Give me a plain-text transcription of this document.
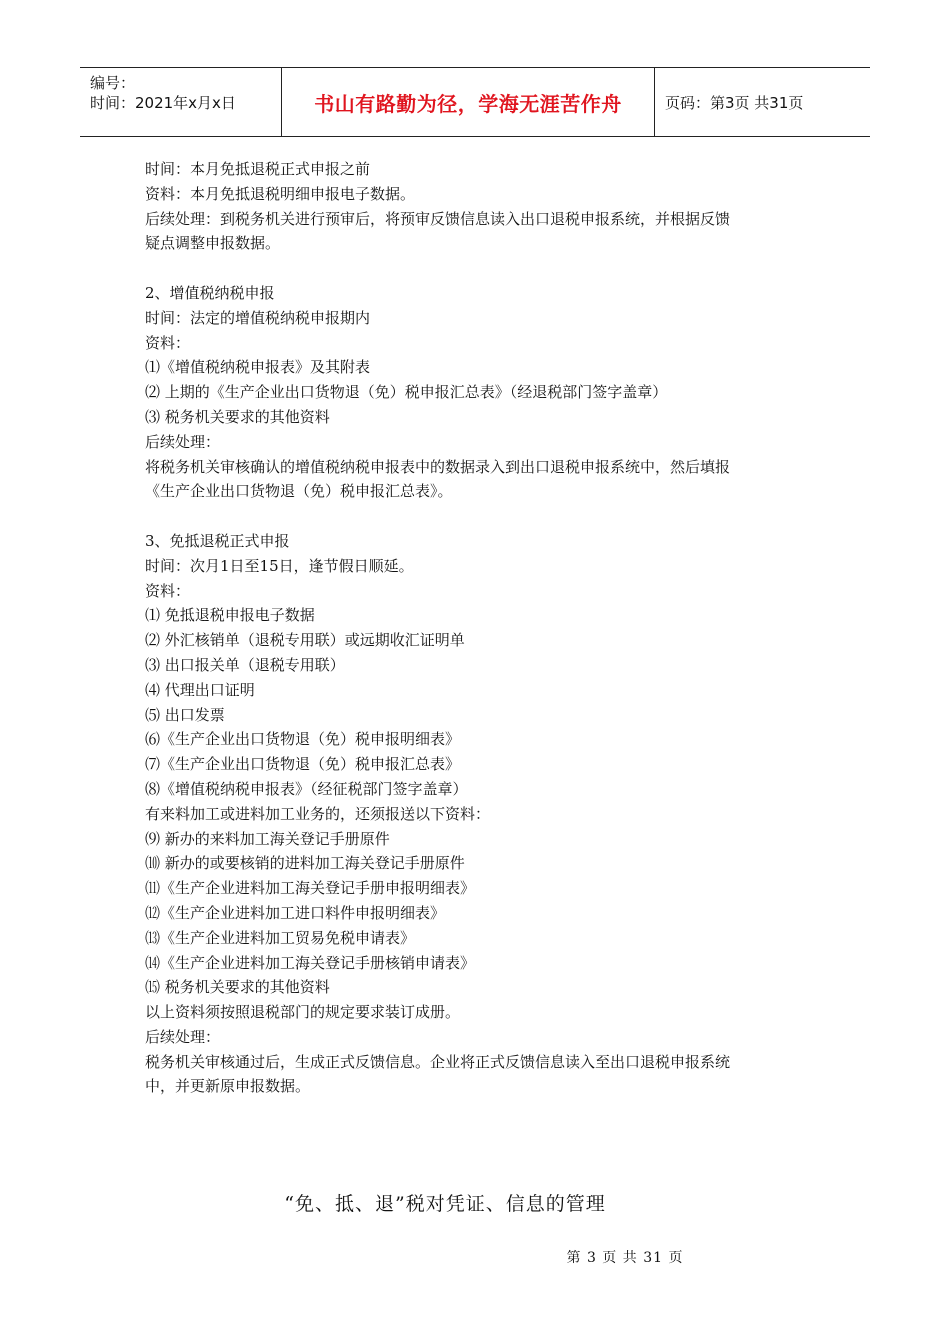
编号：
时间：2021年x月x日	书山有路勤为径，学海无涯苦作舟	页码：第3页 共31页

时间：本月免抵退税正式申报之前

资料：本月免抵退税明细申报电子数据。

后续处理：到税务机关进行预审后，将预审反馈信息读入出口退税申报系统，并根据反馈

疑点调整申报数据。

2、增值税纳税申报

时间：法定的增值税纳税申报期内

资料：

⑴《增值税纳税申报表》及其附表

⑵ 上期的《生产企业出口货物退（免）税申报汇总表》（经退税部门签字盖章）

⑶ 税务机关要求的其他资料

后续处理：

将税务机关审核确认的增值税纳税申报表中的数据录入到出口退税申报系统中，然后填报

《生产企业出口货物退（免）税申报汇总表》。

3、免抵退税正式申报

时间：次月1日至15日，逢节假日顺延。

资料：

⑴ 免抵退税申报电子数据

⑵ 外汇核销单（退税专用联）或远期收汇证明单

⑶ 出口报关单（退税专用联）

⑷ 代理出口证明

⑸ 出口发票

⑹《生产企业出口货物退（免）税申报明细表》

⑺《生产企业出口货物退（免）税申报汇总表》

⑻《增值税纳税申报表》（经征税部门签字盖章）

有来料加工或进料加工业务的，还须报送以下资料：

⑼ 新办的来料加工海关登记手册原件

⑽ 新办的或要核销的进料加工海关登记手册原件

⑾《生产企业进料加工海关登记手册申报明细表》

⑿《生产企业进料加工进口料件申报明细表》

⒀《生产企业进料加工贸易免税申请表》

⒁《生产企业进料加工海关登记手册核销申请表》

⒂ 税务机关要求的其他资料

以上资料须按照退税部门的规定要求装订成册。

后续处理：

税务机关审核通过后，生成正式反馈信息。企业将正式反馈信息读入至出口退税申报系统

中，并更新原申报数据。

“免、抵、退”税对凭证、信息的管理
第 3 页 共 31 页
